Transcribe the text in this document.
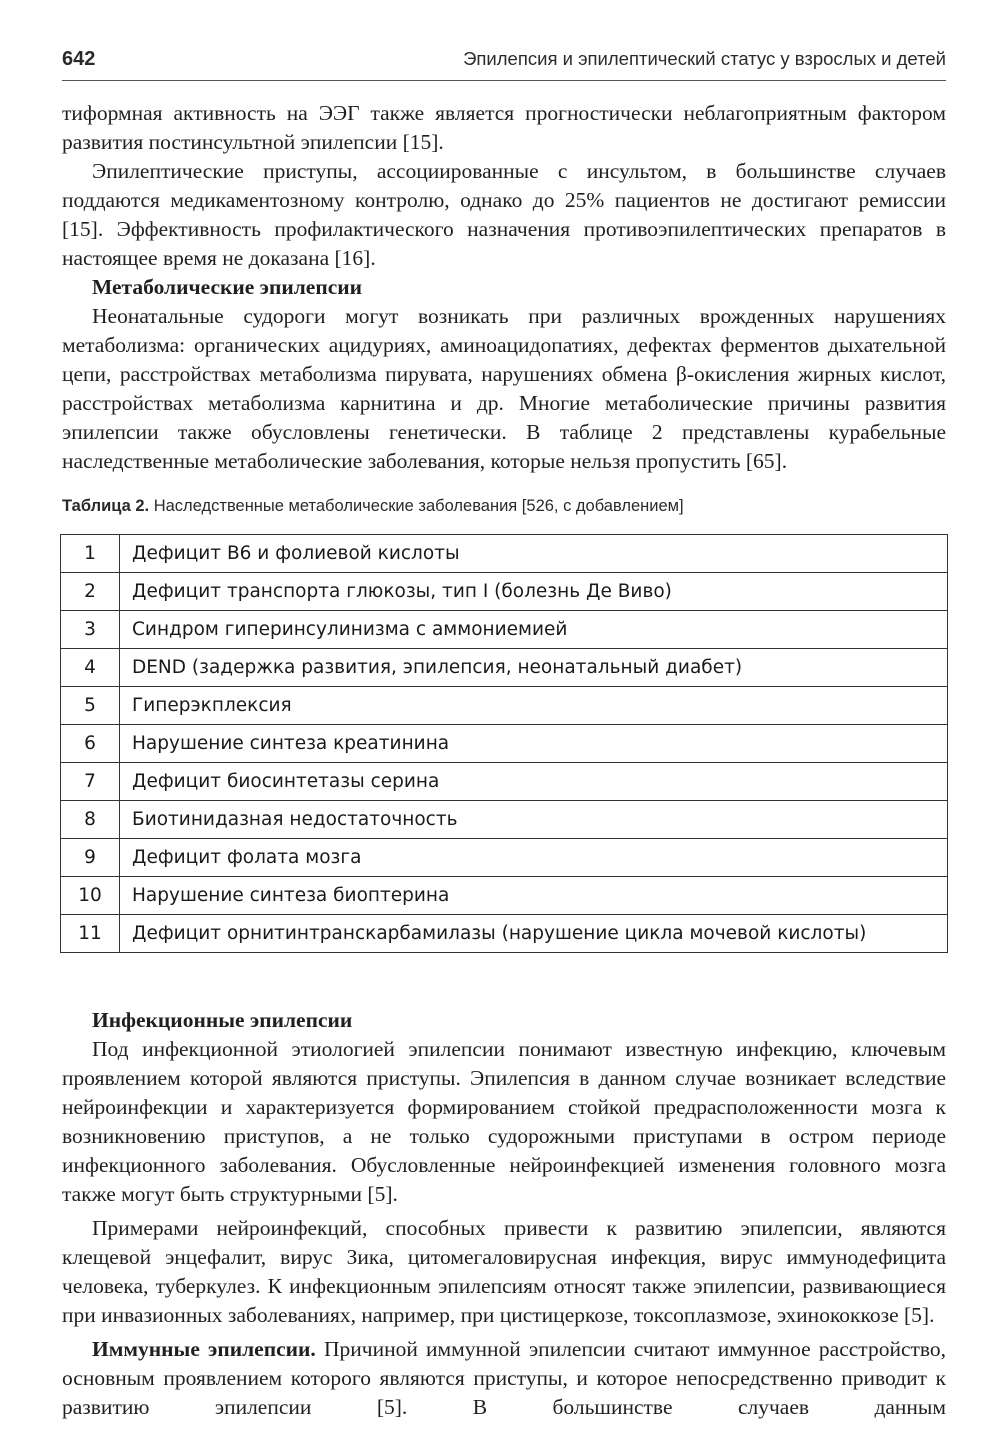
642	Эпилепсия и эпилептический статус у взрослых и детей

тиформная активность на ЭЭГ также является прогностически неблагоприятным фактором развития постинсультной эпилепсии [15].

Эпилептические приступы, ассоциированные с инсультом, в большинстве случаев поддаются медикаментозному контролю, однако до 25% пациентов не достигают ремиссии [15]. Эффективность профилактического назначения противоэпилептических препаратов в настоящее время не доказана [16].

Метаболические эпилепсии

Неонатальные судороги могут возникать при различных врожденных нарушениях метаболизма: органических ацидуриях, аминоацидопатиях, дефектах ферментов дыхательной цепи, расстройствах метаболизма пирувата, нарушениях обмена β-окисления жирных кислот, расстройствах метаболизма карнитина и др. Многие метаболические причины развития эпилепсии также обусловлены генетически. В таблице 2 представлены курабельные наследственные метаболические заболевания, которые нельзя пропустить [65].

Таблица 2. Наследственные метаболические заболевания [526, с добавлением]
1	Дефицит B6 и фолиевой кислоты
2	Дефицит транспорта глюкозы, тип I (болезнь Де Виво)
3	Синдром гиперинсулинизма с аммониемией
4	DEND (задержка развития, эпилепсия, неонатальный диабет)
5	Гиперэкплексия
6	Нарушение синтеза креатинина
7	Дефицит биосинтетазы серина
8	Биотинидазная недостаточность
9	Дефицит фолата мозга
10	Нарушение синтеза биоптерина
11	Дефицит орнитинтранскарбамилазы (нарушение цикла мочевой кислоты)
Инфекционные эпилепсии

Под инфекционной этиологией эпилепсии понимают известную инфекцию, ключевым проявлением которой являются приступы. Эпилепсия в данном случае возникает вследствие нейроинфекции и характеризуется формированием стойкой предрасположенности мозга к возникновению приступов, а не только судорожными приступами в остром периоде инфекционного заболевания. Обусловленные нейроинфекцией изменения головного мозга также могут быть структурными [5].

Примерами нейроинфекций, способных привести к развитию эпилепсии, являются клещевой энцефалит, вирус Зика, цитомегаловирусная инфекция, вирус иммунодефицита человека, туберкулез. К инфекционным эпилепсиям относят также эпилепсии, развивающиеся при инвазионных заболеваниях, например, при цистицеркозе, токсоплазмозе, эхинококкозе [5].

Иммунные эпилепсии. Причиной иммунной эпилепсии считают иммунное расстройство, основным проявлением которого являются приступы, и которое непосредственно приводит к развитию эпилепсии [5]. В большинстве случаев данным
